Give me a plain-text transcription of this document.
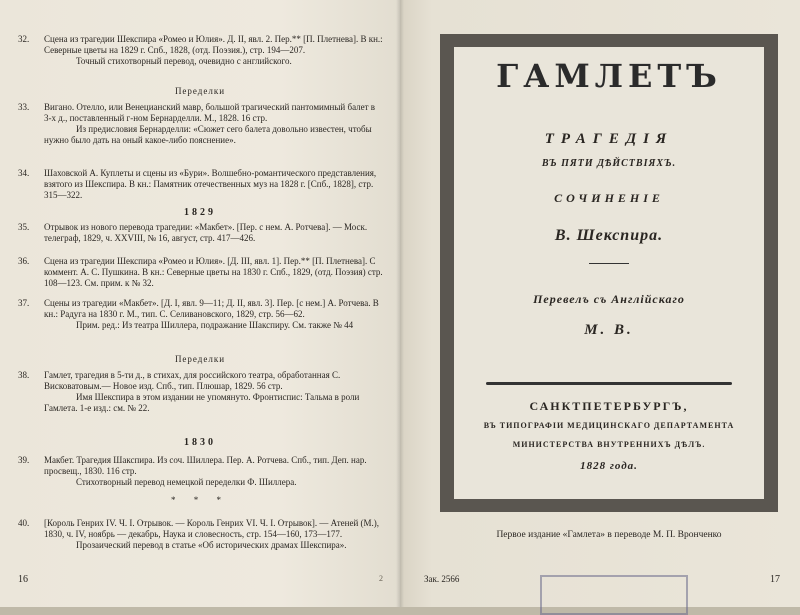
32.	Сцена из трагедии Шекспира «Ромео и Юлия». Д. II, явл. 2. Пер.** [П. Плетнева]. В кн.: Северные цветы на 1829 г. Спб., 1828, (отд. Поэзия.), стр. 194—207.
Точный стихотворный перевод, очевидно с английского.
Переделки
33.	Вигано. Отелло, или Венецианский мавр, большой трагический пантомимный балет в 3-х д., поставленный г-ном Бернарделли. М., 1828. 16 стр.
Из предисловия Бернарделли: «Сюжет сего балета довольно известен, чтобы нужно было дать на оный какое-либо пояснение».
34.	Шаховской А. Куплеты и сцены из «Бури». Волшебно-романтического представления, взятого из Шекспира. В кн.: Памятник отечественных муз на 1828 г. [Спб., 1828], стр. 315—322.
1829
35.	Отрывок из нового перевода трагедии: «Макбет». [Пер. с нем. А. Ротчева]. — Моск. телеграф, 1829, ч. XXVIII, № 16, август, стр. 417—426.
36.	Сцена из трагедии Шекспира «Ромео и Юлия». [Д. III, явл. 1]. Пер.** [П. Плетнева]. С коммент. А. С. Пушкина. В кн.: Северные цветы на 1830 г. Спб., 1829, (отд. Поэзия) стр. 108—123. См. прим. к № 32.
37.	Сцены из трагедии «Макбет». [Д. I, явл. 9—11; Д. II, явл. 3]. Пер. [с нем.] А. Ротчева. В кн.: Радуга на 1830 г. М., тип. С. Селивановского, 1829, стр. 56—62.
Прим. ред.: Из театра Шиллера, подражание Шакспиру. См. также № 44
Переделки
38.	Гамлет, трагедия в 5-ти д., в стихах, для российского театра, обработанная С. Висковатовым.— Новое изд. Спб., тип. Плюшар, 1829. 56 стр.
Имя Шекспира в этом издании не упомянуто. Фронтиспис: Тальма в роли Гамлета. 1-е изд.: см. № 22.
1830
39.	Макбет. Трагедия Шакспира. Из соч. Шиллера. Пер. А. Ротчева. Спб., тип. Деп. нар. просвещ., 1830. 116 стр.
Стихотворный перевод немецкой переделки Ф. Шиллера.
* * *
40.	[Король Генрих IV. Ч. I. Отрывок. — Король Генрих VI. Ч. I. Отрывок]. — Атеней (М.), 1830, ч. IV, ноябрь — декабрь, Наука и словесность, стр. 154—160, 173—177.
Прозаический перевод в статье «Об исторических драмах Шекспира».
16	2
ГАМЛЕТЪ
ТРАГЕДІЯ
ВЪ ПЯТИ ДѢЙСТВІЯХЪ.
СОЧИНЕНІЕ
В. Шекспира.
Перевелъ съ Англійскаго
М. В.
САНКТПЕТЕРБУРГЪ,
ВЪ ТИПОГРАФІИ МЕДИЦИНСКАГО ДЕПАРТАМЕНТА
МИНИСТЕРСТВА ВНУТРЕННИХЪ ДѢЛЪ.
1828 года.
Первое издание «Гамлета» в переводе М. П. Вронченко
Зак. 2566	17
